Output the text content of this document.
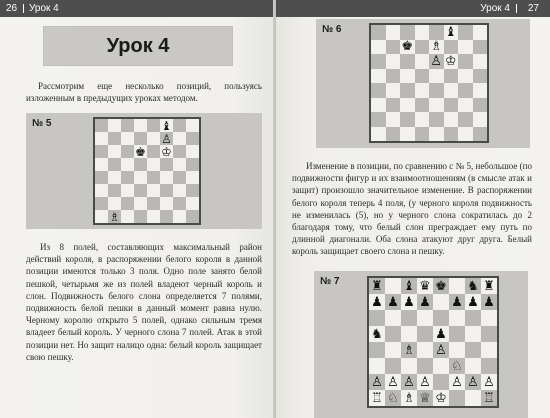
26 Урок 4
Урок 4
Рассмотрим еще несколько позиций, пользуясь изложенным в предыдущих уроках методом.
№ 5	♝
♙
♚ ♔
♗
Из 8 полей, составляющих максимальный район действий короля, в распоряжении белого короля в данной позиции имеются только 3 поля. Одно поле занято белой пешкой, четырьмя же из полей владеют черный король и слон. Подвижность белого слона определяется 7 полями, подвижность белой пешки в данный момент равна нулю. Черному королю открыто 5 полей, однако сильным тремя владеет белый король. У черного слона 7 полей. Атак в этой позиции нет. Но защит налицо одна: белый король защищает свою пешку.
Урок 4 27
№ 6	♝
♚ ♗
♙ ♔
Изменение в позиции, по сравнению с № 5, небольшое (по подвижности фигур и их взаимоотношениям (в смысле атак и защит) произошло значительное изменение. В распоряжении белого короля теперь 4 поля, (у черного короля подвижность не изменилась (5), но у черного слона сократилась до 2 благодаря тому, что белый слон преграждает ему путь по длинной диагонали. Оба слона атакуют друг друга. Белый король защищает своего слона и пешку.
№ 7 ♜ ♝ ♛ ♚ ♞ ♜
♟ ♟ ♟ ♟ ♟ ♟ ♟
♞	♟
♗ ♙
♘
♙ ♙ ♙ ♙ ♙ ♙ ♙
♖ ♘ ♗ ♕ ♔	♖
